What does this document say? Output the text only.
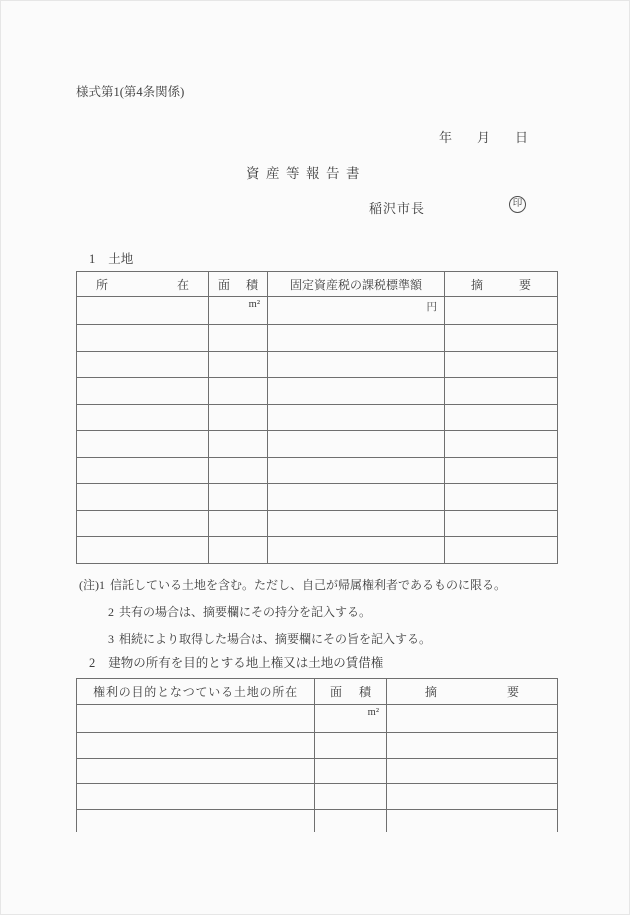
様式第1(第4条関係)
年 月 日
資産等報告書
稲沢市長	印
1 土地
所在	面積	固定資産税の課税標準額	摘要
	m²	円	

(注)1 信託している土地を含む。ただし、自己が帰属権利者であるものに限る。
2 共有の場合は、摘要欄にその持分を記入する。
3 相続により取得した場合は、摘要欄にその旨を記入する。
2 建物の所有を目的とする地上権又は土地の賃借権
権利の目的となつている土地の所在	面積	摘要
	m²	
